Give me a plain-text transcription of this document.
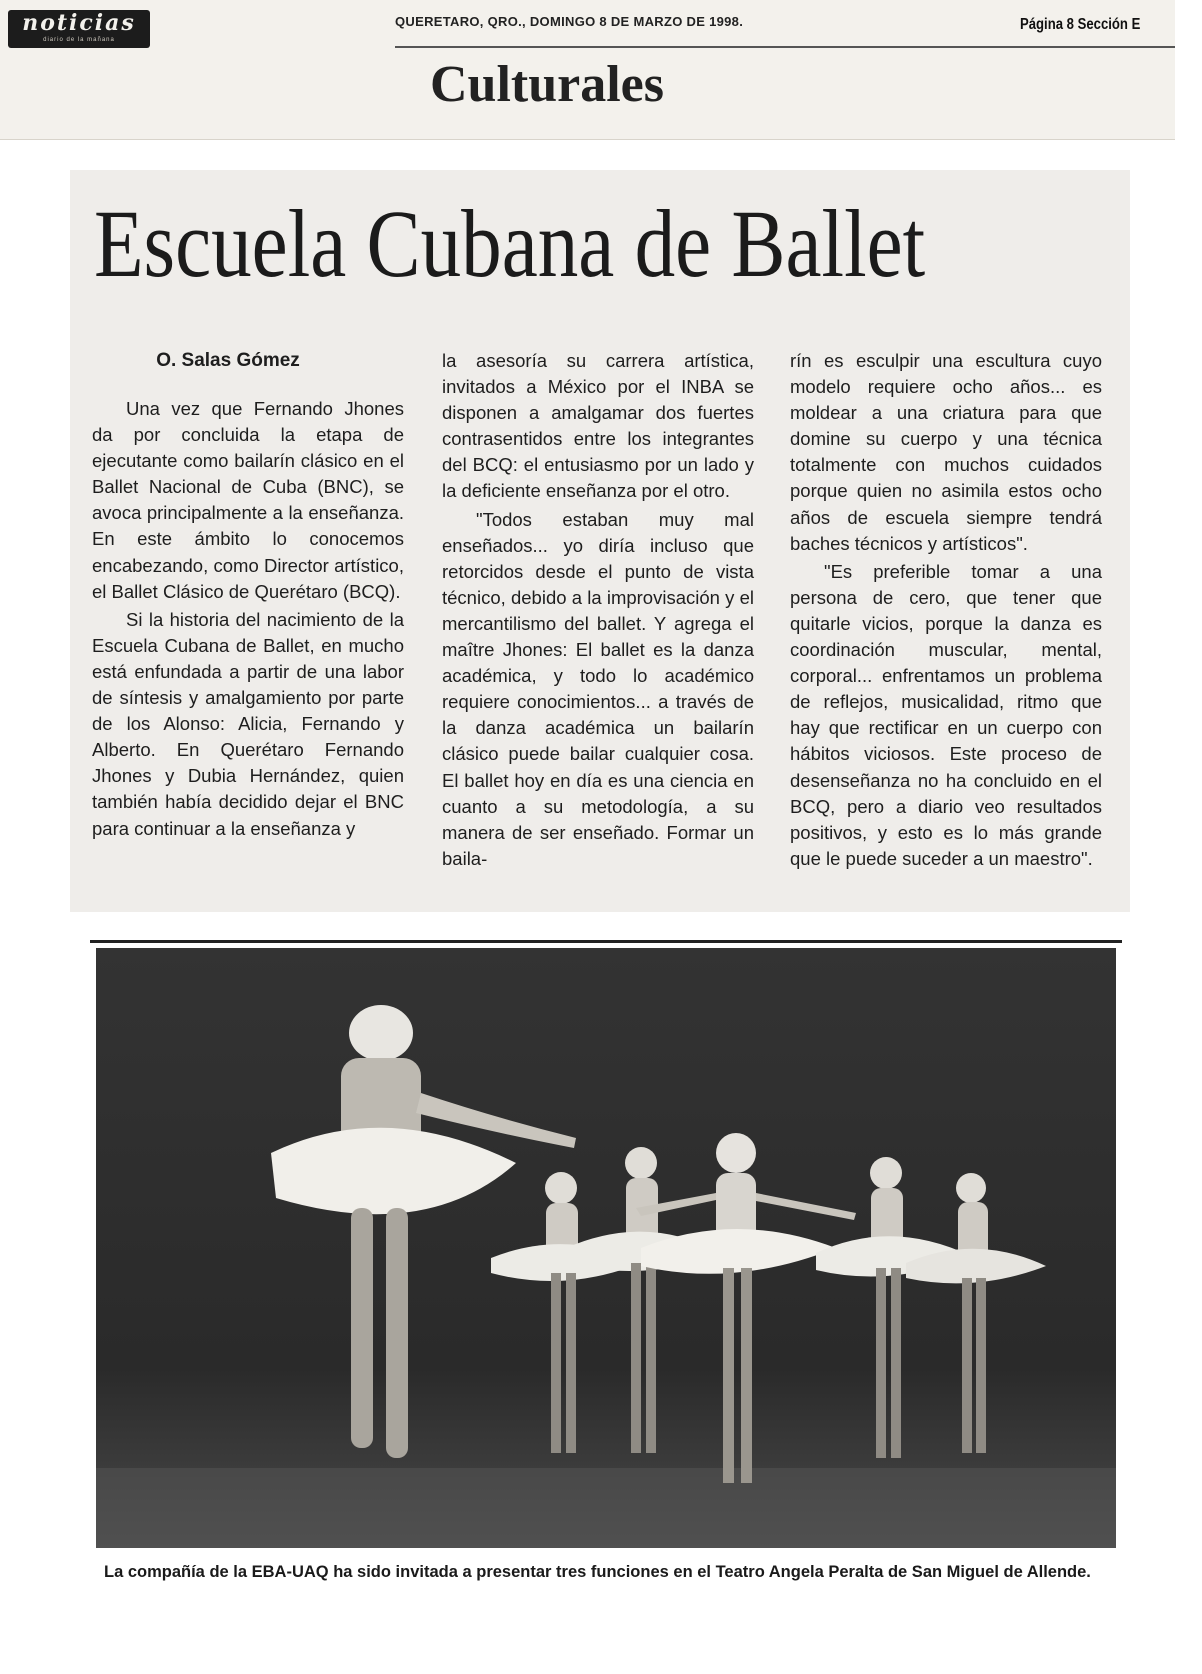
noticias
diario de la mañana
QUERETARO, QRO., DOMINGO 8 DE MARZO DE 1998.	Página 8 Sección E
Culturales
Escuela Cubana de Ballet
O. Salas Gómez

Una vez que Fernando Jhones da por concluida la etapa de ejecutante como bailarín clásico en el Ballet Nacional de Cuba (BNC), se avoca principalmente a la enseñanza. En este ámbito lo conocemos encabezando, como Director artístico, el Ballet Clásico de Querétaro (BCQ).

Si la historia del nacimiento de la Escuela Cubana de Ballet, en mucho está enfundada a partir de una labor de síntesis y amalgamiento por parte de los Alonso: Alicia, Fernando y Alberto. En Querétaro Fernando Jhones y Dubia Hernández, quien también había decidido dejar el BNC para continuar a la enseñanza y

la asesoría su carrera artística, invitados a México por el INBA se disponen a amalgamar dos fuertes contrasentidos entre los integrantes del BCQ: el entusiasmo por un lado y la deficiente enseñanza por el otro.

"Todos estaban muy mal enseñados... yo diría incluso que retorcidos desde el punto de vista técnico, debido a la improvisación y el mercantilismo del ballet. Y agrega el maître Jhones: El ballet es la danza académica, y todo lo académico requiere conocimientos... a través de la danza académica un bailarín clásico puede bailar cualquier cosa. El ballet hoy en día es una ciencia en cuanto a su metodología, a su manera de ser enseñado. Formar un baila-

rín es esculpir una escultura cuyo modelo requiere ocho años... es moldear a una criatura para que domine su cuerpo y una técnica totalmente con muchos cuidados porque quien no asimila estos ocho años de escuela siempre tendrá baches técnicos y artísticos".

"Es preferible tomar a una persona de cero, que tener que quitarle vicios, porque la danza es coordinación muscular, mental, corporal... enfrentamos un problema de reflejos, musicalidad, ritmo que hay que rectificar en un cuerpo con hábitos viciosos. Este proceso de desenseñanza no ha concluido en el BCQ, pero a diario veo resultados positivos, y esto es lo más grande que le puede suceder a un maestro".

La compañía de la EBA-UAQ ha sido invitada a presentar tres funciones en el Teatro Angela Peralta de San Miguel de Allende.
